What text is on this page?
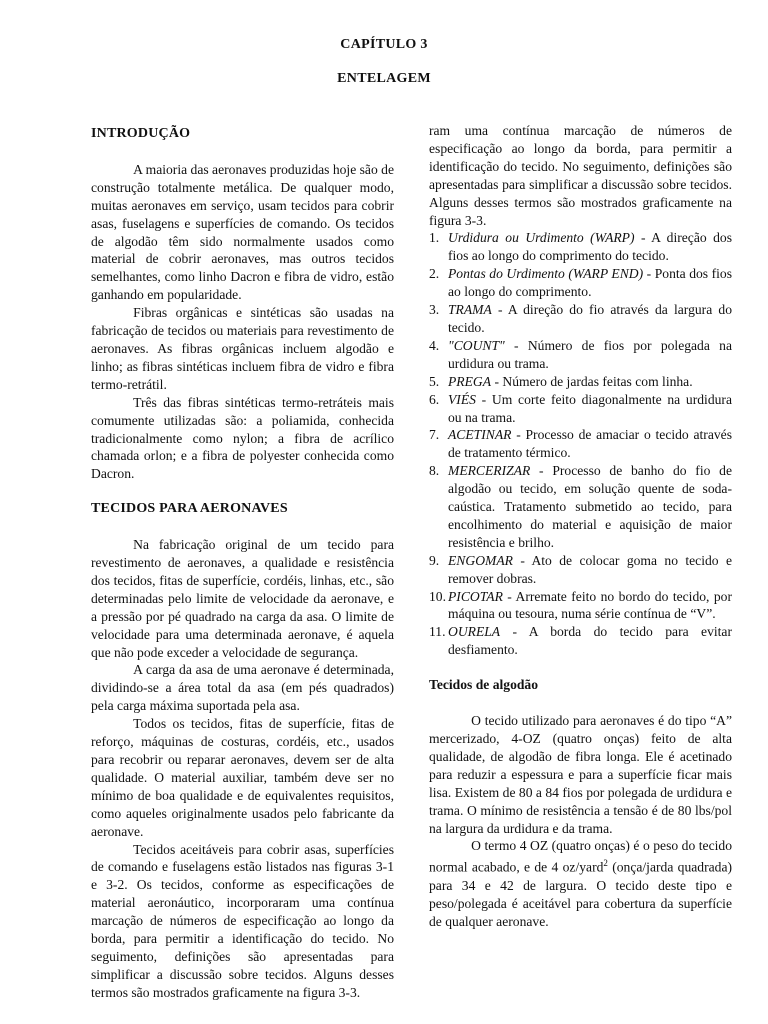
CAPÍTULO 3
ENTELAGEM
INTRODUÇÃO

A maioria das aeronaves produzidas hoje são de construção totalmente metálica. De qualquer modo, muitas aeronaves em serviço, usam tecidos para cobrir asas, fuselagens e superfícies de comando. Os tecidos de algodão têm sido normalmente usados como material de cobrir aeronaves, mas outros tecidos semelhantes, como linho Dacron e fibra de vidro, estão ganhando em popularidade.

Fibras orgânicas e sintéticas são usadas na fabricação de tecidos ou materiais para revestimento de aeronaves. As fibras orgânicas incluem algodão e linho; as fibras sintéticas incluem fibra de vidro e fibra termo-retrátil.

Três das fibras sintéticas termo-retráteis mais comumente utilizadas são: a poliamida, conhecida tradicionalmente como nylon; a fibra de acrílico chamada orlon; e a fibra de polyester conhecida como Dacron.

TECIDOS PARA AERONAVES

Na fabricação original de um tecido para revestimento de aeronaves, a qualidade e resistência dos tecidos, fitas de superfície, cordéis, linhas, etc., são determinadas pelo limite de velocidade da aeronave, e a pressão por pé quadrado na carga da asa. O limite de velocidade para uma determinada aeronave, é aquela que não pode exceder a velocidade de segurança.

A carga da asa de uma aeronave é determinada, dividindo-se a área total da asa (em pés quadrados) pela carga máxima suportada pela asa.

Todos os tecidos, fitas de superfície, fitas de reforço, máquinas de costuras, cordéis, etc., usados para recobrir ou reparar aeronaves, devem ser de alta qualidade. O material auxiliar, também deve ser no mínimo de boa qualidade e de equivalentes requisitos, como aqueles originalmente usados pelo fabricante da aeronave.

Tecidos aceitáveis para cobrir asas, superfícies de comando e fuselagens estão listados nas figuras 3-1 e 3-2. Os tecidos, conforme as especificações de material aeronáutico, incorporaram uma contínua marcação de números de especificação ao longo da borda, para permitir a identificação do tecido. No seguimento, definições são apresentadas para simplificar a discussão sobre tecidos. Alguns desses termos são mostrados graficamente na figura 3-3.

ram uma contínua marcação de números de especificação ao longo da borda, para permitir a identificação do tecido. No seguimento, definições são apresentadas para simplificar a discussão sobre tecidos. Alguns desses termos são mostrados graficamente na figura 3-3.

1. Urdidura ou Urdimento (WARP) - A direção dos fios ao longo do comprimento do tecido.
2. Pontas do Urdimento (WARP END) - Ponta dos fios ao longo do comprimento.
3. TRAMA - A direção do fio através da largura do tecido.
4. "COUNT" - Número de fios por polegada na urdidura ou trama.
5. PREGA - Número de jardas feitas com linha.
6. VIÉS - Um corte feito diagonalmente na urdidura ou na trama.
7. ACETINAR - Processo de amaciar o tecido através de tratamento térmico.
8. MERCERIZAR - Processo de banho do fio de algodão ou tecido, em solução quente de soda-caústica. Tratamento submetido ao tecido, para encolhimento do material e aquisição de maior resistência e brilho.
9. ENGOMAR - Ato de colocar goma no tecido e remover dobras.
10. PICOTAR - Arremate feito no bordo do tecido, por máquina ou tesoura, numa série contínua de “V”.
11. OURELA - A borda do tecido para evitar desfiamento.
Tecidos de algodão

O tecido utilizado para aeronaves é do tipo “A” mercerizado, 4-OZ (quatro onças) feito de alta qualidade, de algodão de fibra longa. Ele é acetinado para reduzir a espessura e para a superfície ficar mais lisa. Existem de 80 a 84 fios por polegada de urdidura e trama. O mínimo de resistência a tensão é de 80 lbs/pol na largura da urdidura e da trama.

O termo 4 OZ (quatro onças) é o peso do tecido normal acabado, e de 4 oz/yard$^2$ (onça/jarda quadrada) para 34 e 42 de largura. O tecido deste tipo e peso/polegada é aceitável para cobertura da superfície de qualquer aeronave.
